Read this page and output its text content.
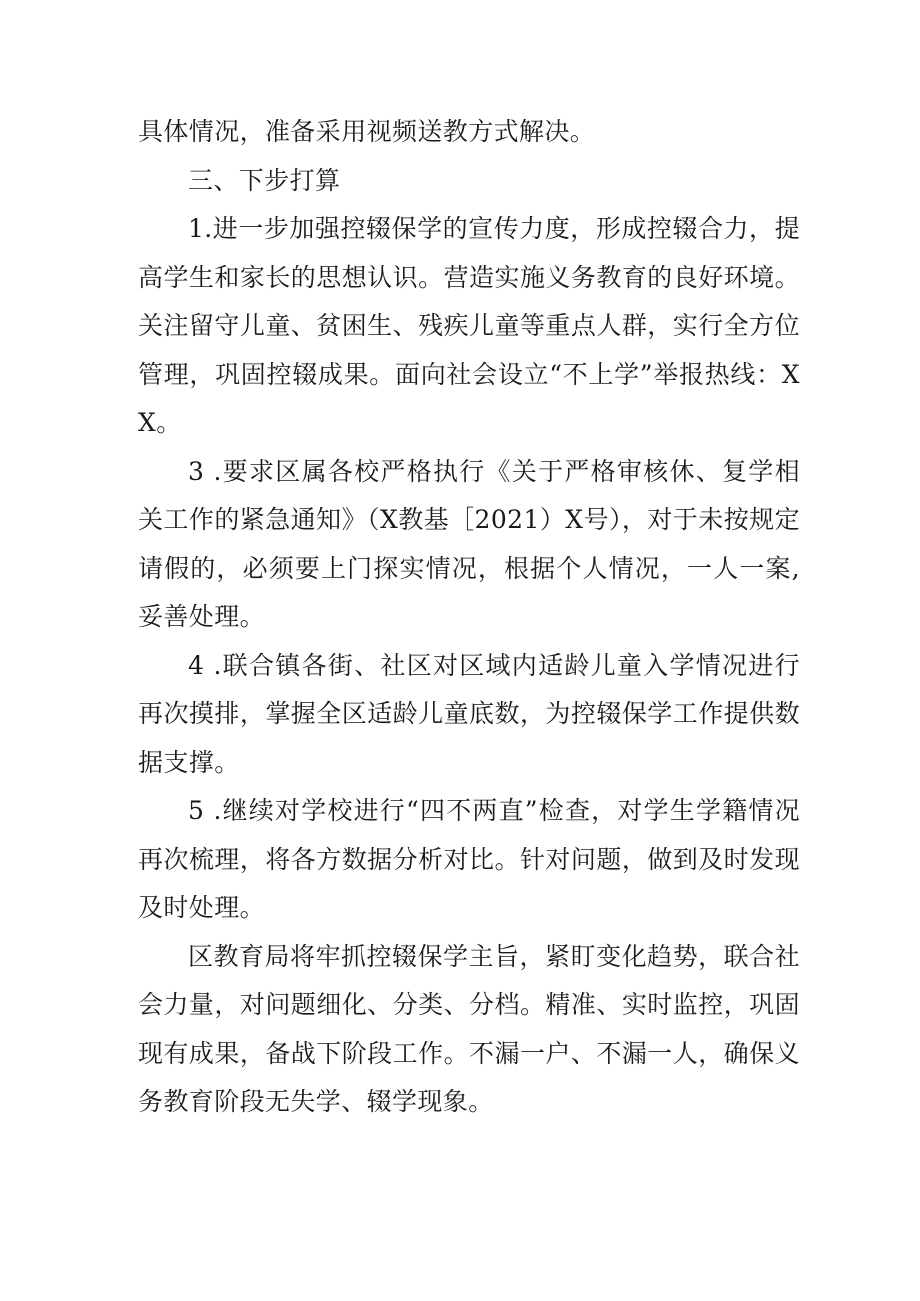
具体情况，准备采用视频送教方式解决。

三、下步打算

1.进一步加强控辍保学的宣传力度，形成控辍合力，提高学生和家长的思想认识。营造实施义务教育的良好环境。关注留守儿童、贫困生、残疾儿童等重点人群，实行全方位管理，巩固控辍成果。面向社会设立“不上学”举报热线：XX。

3 .要求区属各校严格执行《关于严格审核休、复学相关工作的紧急通知》（X教基［2021）X号），对于未按规定请假的，必须要上门探实情况，根据个人情况，一人一案,妥善处理。

4 .联合镇各街、社区对区域内适龄儿童入学情况进行再次摸排，掌握全区适龄儿童底数，为控辍保学工作提供数据支撑。

5 .继续对学校进行“四不两直”检查，对学生学籍情况再次梳理，将各方数据分析对比。针对问题，做到及时发现及时处理。

区教育局将牢抓控辍保学主旨，紧盯变化趋势，联合社会力量，对问题细化、分类、分档。精准、实时监控，巩固现有成果，备战下阶段工作。不漏一户、不漏一人，确保义务教育阶段无失学、辍学现象。
